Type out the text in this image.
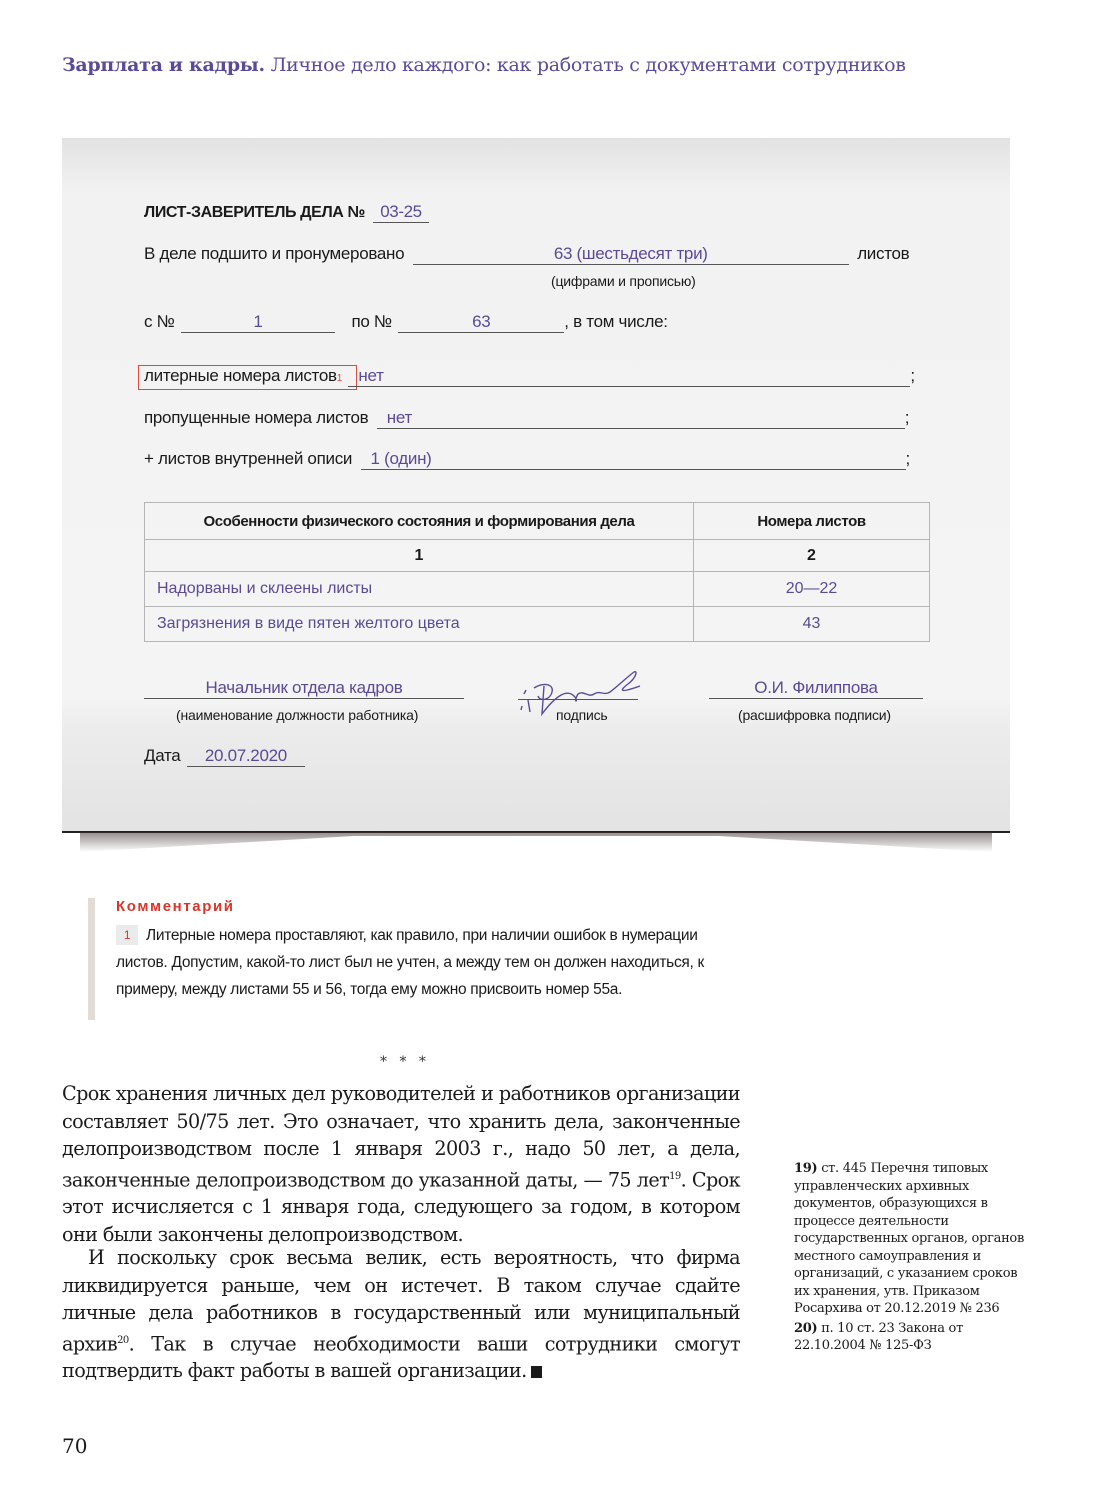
Зарплата и кадры. Личное дело каждого: как работать с документами сотрудников
ЛИСТ-ЗАВЕРИТЕЛЬ ДЕЛА № 03-25
В деле подшито и пронумеровано	63 (шестьдесят три)	листов
(цифрами и прописью)
с №	1	по №	63	, в том числе:
литерные номера листов1 нет	;
пропущенные номера листов нет	;
+ листов внутренней описи 1 (один)	;
Особенности физического состояния и формирования дела	Номера листов
1	2
Надорваны и склеены листы	20—22
Загрязнения в виде пятен желтого цвета	43
Начальник отдела кадров
(наименование должности работника)	подпись
О.И. Филиппова
(расшифровка подписи)
Дата 20.07.2020
Комментарий
1 Литерные номера проставляют, как правило, при наличии ошибок в нумерации листов. Допустим, какой-то лист был не учтен, а между тем он должен находиться, к примеру, между листами 55 и 56, тогда ему можно присвоить номер 55а.
* * *
Срок хранения личных дел руководителей и работников организации составляет 50/75 лет. Это означает, что хранить дела, законченные делопроизводством после 1 января 2003 г., надо 50 лет, а дела, законченные делопроизводством до указанной даты, — 75 лет$^{19}$. Срок этот исчисляется с 1 января года, следующего за годом, в котором они были закончены делопроизводством.
И поскольку срок весьма велик, есть вероятность, что фирма ликвидируется раньше, чем он истечет. В таком случае сдайте личные дела работников в государственный или муниципальный архив$^{20}$. Так в случае необходимости ваши сотрудники смогут подтвердить факт работы в вашей организации.
19) ст. 445 Перечня типовых управленческих архивных документов, образующихся в процессе деятельности государственных органов, органов местного самоуправления и организаций, с указанием сроков их хранения, утв. Приказом Росархива от 20.12.2019 № 236
20) п. 10 ст. 23 Закона от 22.10.2004 № 125-ФЗ
70
